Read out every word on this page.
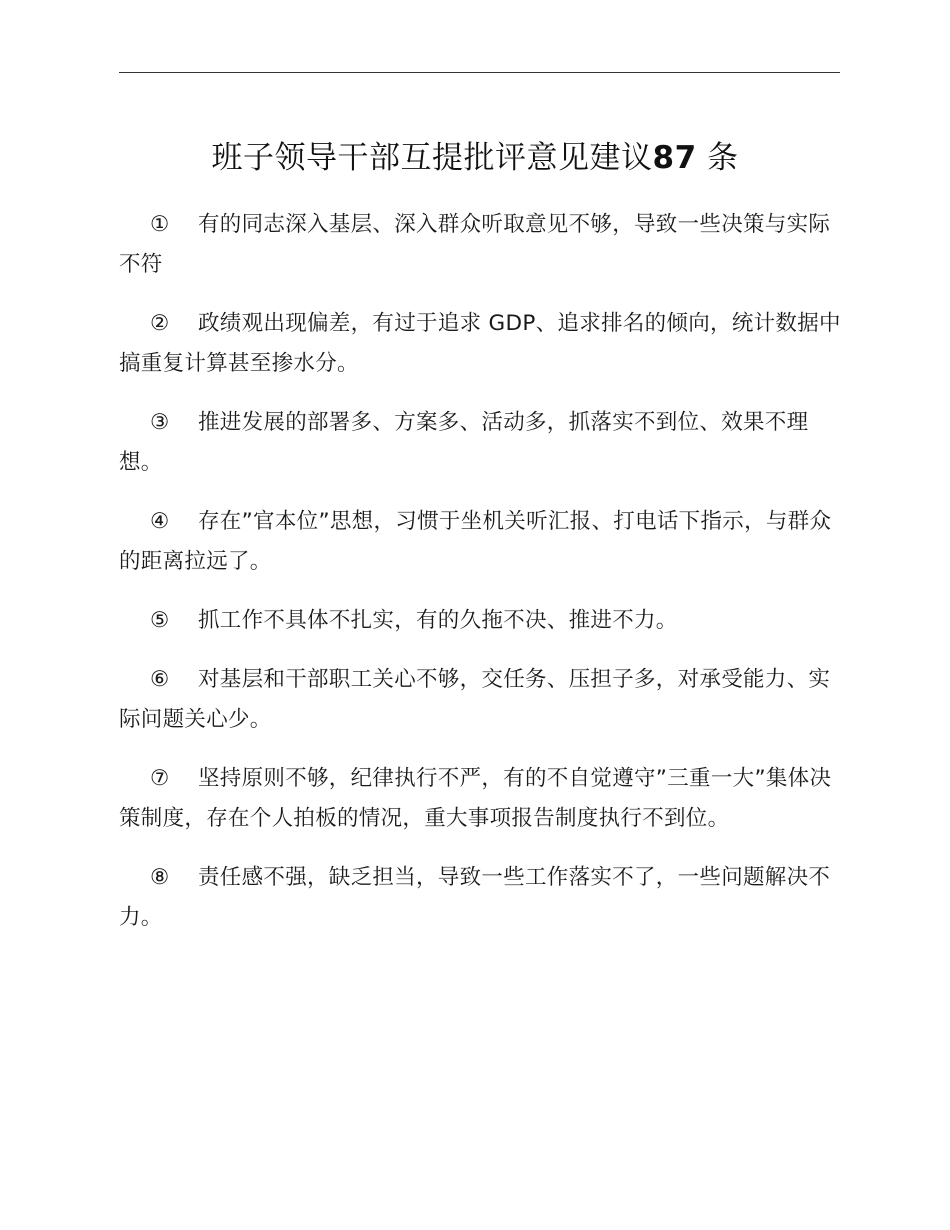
班子领导干部互提批评意见建议87 条
① 有的同志深入基层、深入群众听取意见不够，导致一些决策与实际不符
② 政绩观出现偏差，有过于追求 GDP、追求排名的倾向，统计数据中搞重复计算甚至掺水分。
③ 推进发展的部署多、方案多、活动多，抓落实不到位、效果不理想。
④ 存在”官本位”思想，习惯于坐机关听汇报、打电话下指示，与群众的距离拉远了。
⑤ 抓工作不具体不扎实，有的久拖不决、推进不力。
⑥ 对基层和干部职工关心不够，交任务、压担子多，对承受能力、实际问题关心少。
⑦ 坚持原则不够，纪律执行不严，有的不自觉遵守”三重一大”集体决策制度，存在个人拍板的情况，重大事项报告制度执行不到位。
⑧ 责任感不强，缺乏担当，导致一些工作落实不了，一些问题解决不力。
